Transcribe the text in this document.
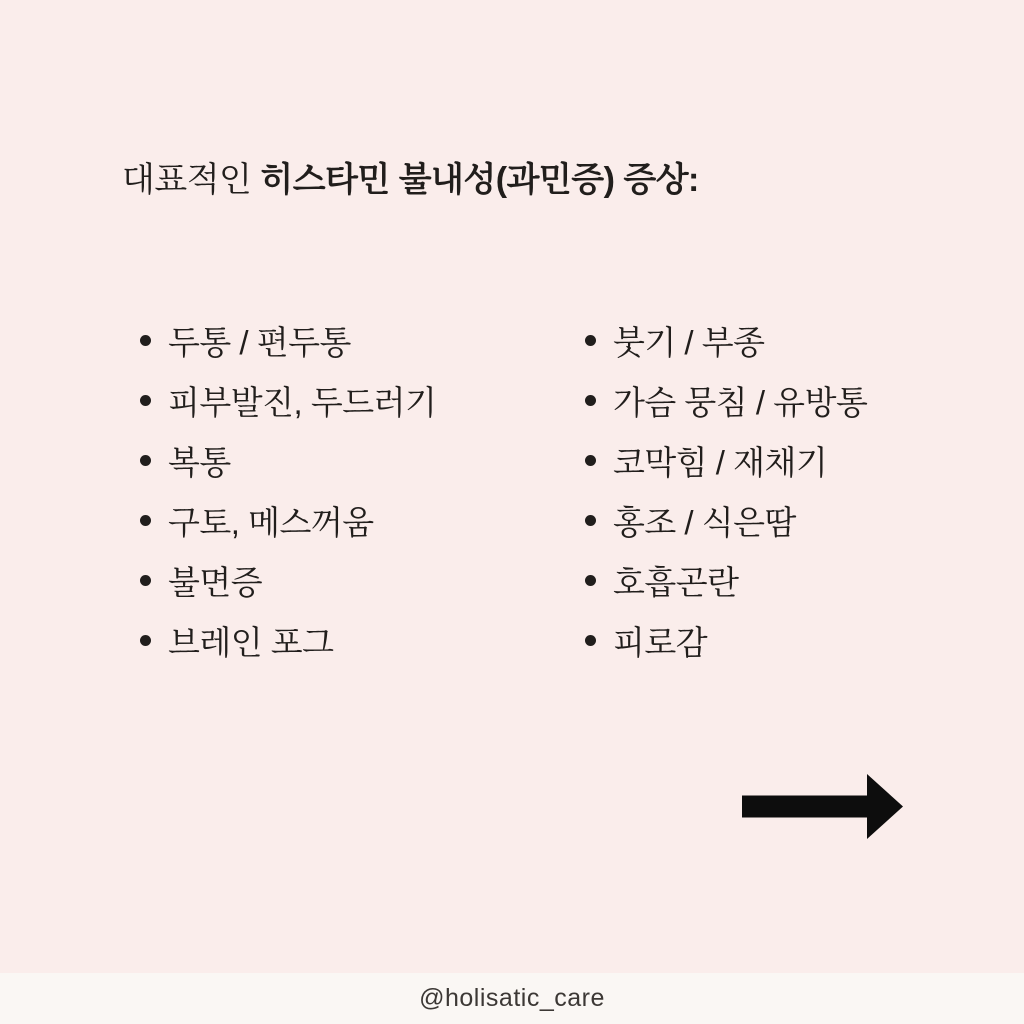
대표적인 히스타민 불내성(과민증) 증상:
두통 / 편두통
피부발진, 두드러기
복통
구토, 메스꺼움
불면증
브레인 포그
붓기 / 부종
가슴 뭉침 / 유방통
코막힘 / 재채기
홍조 / 식은땀
호흡곤란
피로감
@holisatic_care
